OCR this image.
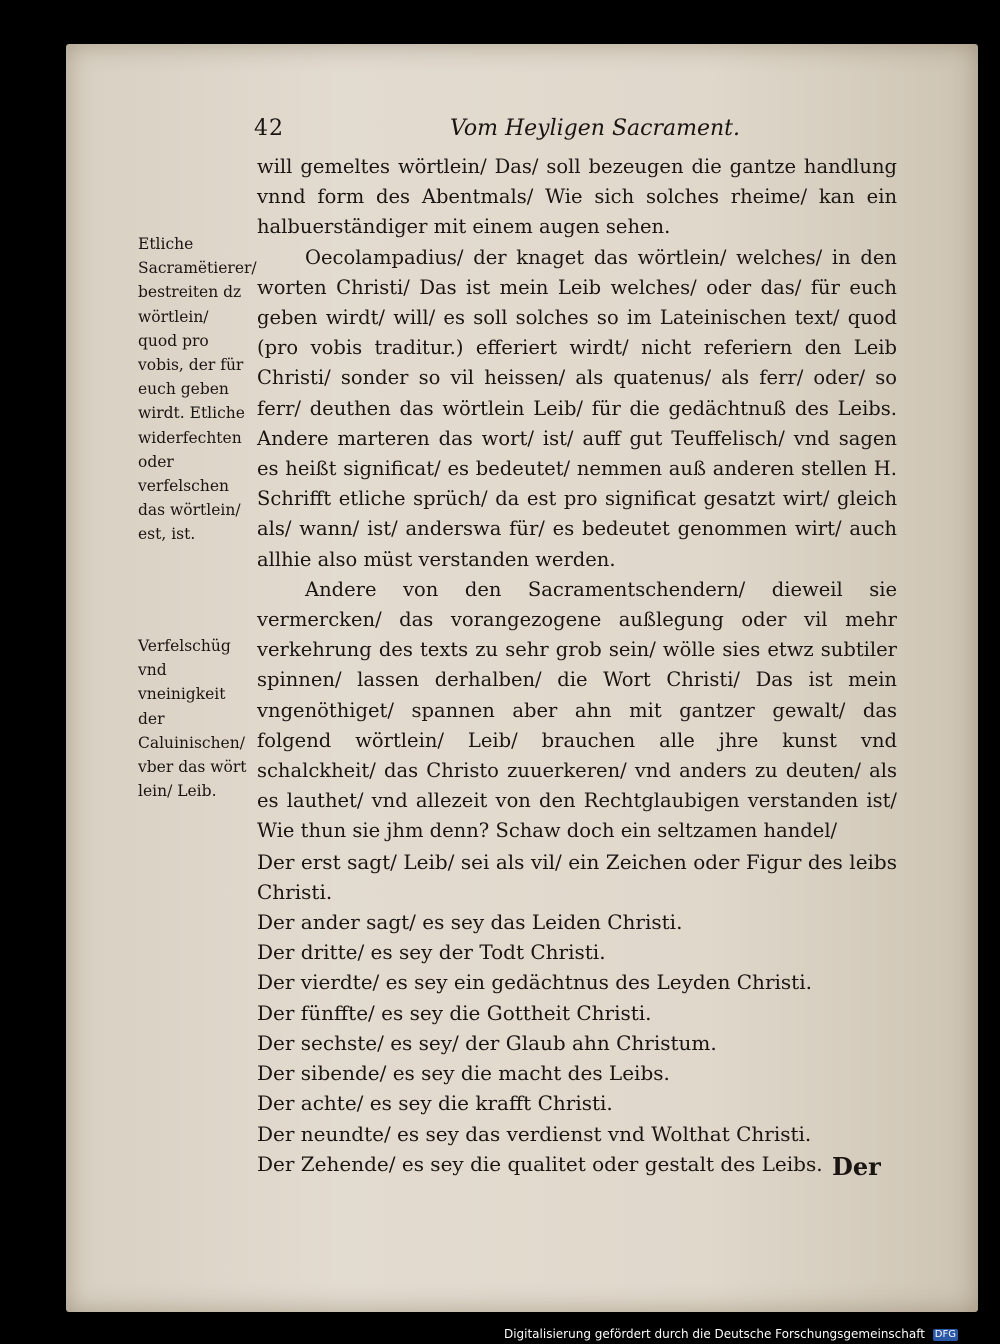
42	Vom Heyligen Sacrament.

will gemeltes wörtlein/ Das/ soll bezeugen die gantze handlung vnnd form des Abentmals/ Wie sich solches rheime/ kan ein halbuerständiger mit einem augen sehen.

Oecolampadius/ der knaget das wörtlein/ welches/ in den worten Christi/ Das ist mein Leib welches/ oder das/ für euch geben wirdt/ will/ es soll solches so im Lateinischen text/ quod (pro vobis traditur.) efferiert wirdt/ nicht referiern den Leib Christi/ sonder so vil heissen/ als quatenus/ als ferr/ oder/ so ferr/ deuthen das wörtlein Leib/ für die gedächtnuß des Leibs. Andere marteren das wort/ ist/ auff gut Teuffelisch/ vnd sagen es heißt significat/ es bedeutet/ nemmen auß anderen stellen H. Schrifft etliche sprüch/ da est pro significat gesatzt wirt/ gleich als/ wann/ ist/ anderswa für/ es bedeutet genommen wirt/ auch allhie also müst verstanden werden.

Andere von den Sacramentschendern/ dieweil sie vermercken/ das vorangezogene außlegung oder vil mehr verkehrung des texts zu sehr grob sein/ wölle sies etwz subtiler spinnen/ lassen derhalben/ die Wort Christi/ Das ist mein vngenöthiget/ spannen aber ahn mit gantzer gewalt/ das folgend wörtlein/ Leib/ brauchen alle jhre kunst vnd schalckheit/ das Christo zuuerkeren/ vnd anders zu deuten/ als es lauthet/ vnd allezeit von den Rechtglaubigen verstanden ist/ Wie thun sie jhm denn? Schaw doch ein seltzamen handel/

Der erst sagt/ Leib/ sei als vil/ ein Zeichen oder Figur des leibs Christi.
Der ander sagt/ es sey das Leiden Christi.
Der dritte/ es sey der Todt Christi.
Der vierdte/ es sey ein gedächtnus des Leyden Christi.
Der fünffte/ es sey die Gottheit Christi.
Der sechste/ es sey/ der Glaub ahn Christum.
Der sibende/ es sey die macht des Leibs.
Der achte/ es sey die krafft Christi.
Der neundte/ es sey das verdienst vnd Wolthat Christi.
Der Zehende/ es sey die qualitet oder gestalt des Leibs.
Etliche Sacramëtierer/ bestreiten dz wörtlein/ quod pro vobis, der für euch geben wirdt. Etliche widerfechten oder verfelschen das wörtlein/ est, ist.
Verfelschüg vnd vneinigkeit der Caluinischen/ vber das wört lein/ Leib.
Der
Digitalisierung gefördert durch die Deutsche Forschungsgemeinschaft DFG
